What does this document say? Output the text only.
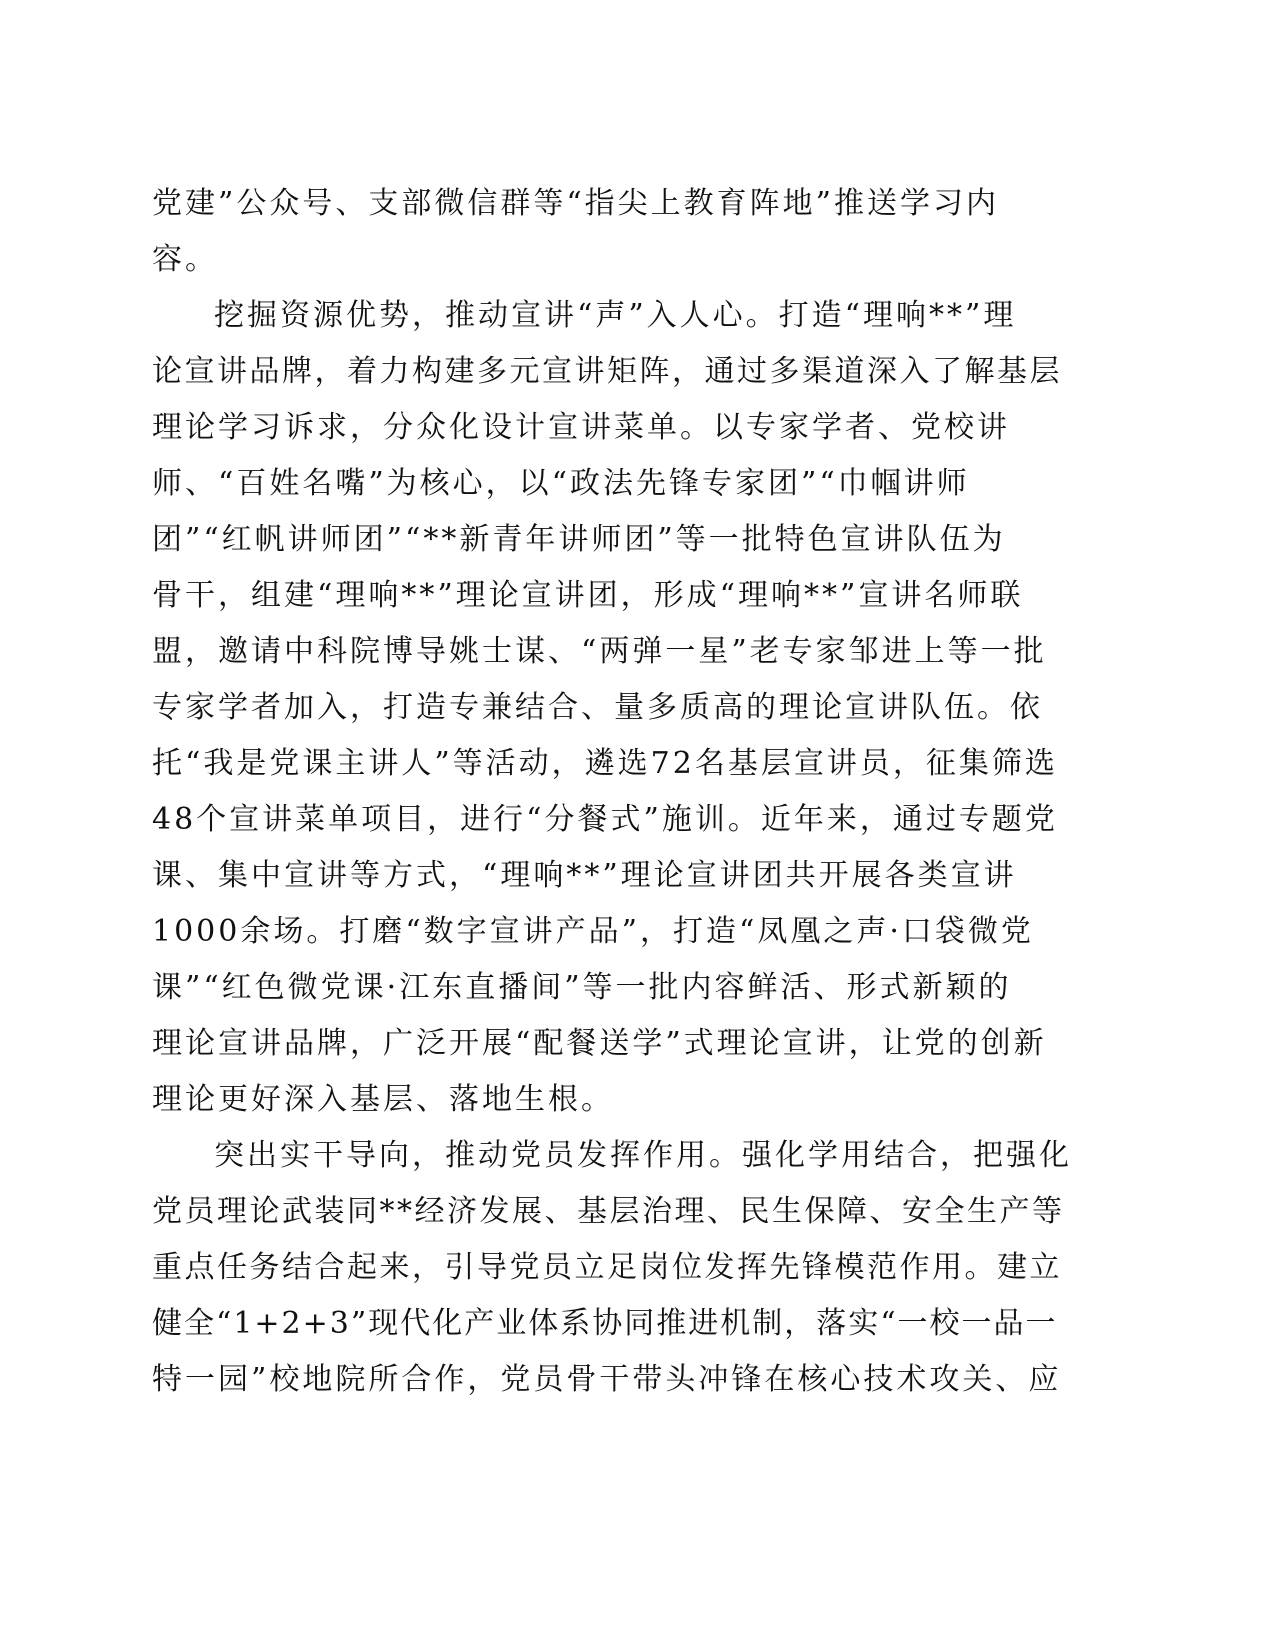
党建”公众号、支部微信群等“指尖上教育阵地”推送学习内
容。
挖掘资源优势，推动宣讲“声”入人心。打造“理响**”理
论宣讲品牌，着力构建多元宣讲矩阵，通过多渠道深入了解基层
理论学习诉求，分众化设计宣讲菜单。以专家学者、党校讲
师、“百姓名嘴”为核心，以“政法先锋专家团”“巾帼讲师
团”“红帆讲师团”“**新青年讲师团”等一批特色宣讲队伍为
骨干，组建“理响**”理论宣讲团，形成“理响**”宣讲名师联
盟，邀请中科院博导姚士谋、“两弹一星”老专家邹进上等一批
专家学者加入，打造专兼结合、量多质高的理论宣讲队伍。依
托“我是党课主讲人”等活动，遴选72名基层宣讲员，征集筛选
48个宣讲菜单项目，进行“分餐式”施训。近年来，通过专题党
课、集中宣讲等方式，“理响**”理论宣讲团共开展各类宣讲
1000余场。打磨“数字宣讲产品”，打造“凤凰之声·口袋微党
课”“红色微党课·江东直播间”等一批内容鲜活、形式新颖的
理论宣讲品牌，广泛开展“配餐送学”式理论宣讲，让党的创新
理论更好深入基层、落地生根。
突出实干导向，推动党员发挥作用。强化学用结合，把强化
党员理论武装同**经济发展、基层治理、民生保障、安全生产等
重点任务结合起来，引导党员立足岗位发挥先锋模范作用。建立
健全“1+2+3”现代化产业体系协同推进机制，落实“一校一品一
特一园”校地院所合作，党员骨干带头冲锋在核心技术攻关、应
